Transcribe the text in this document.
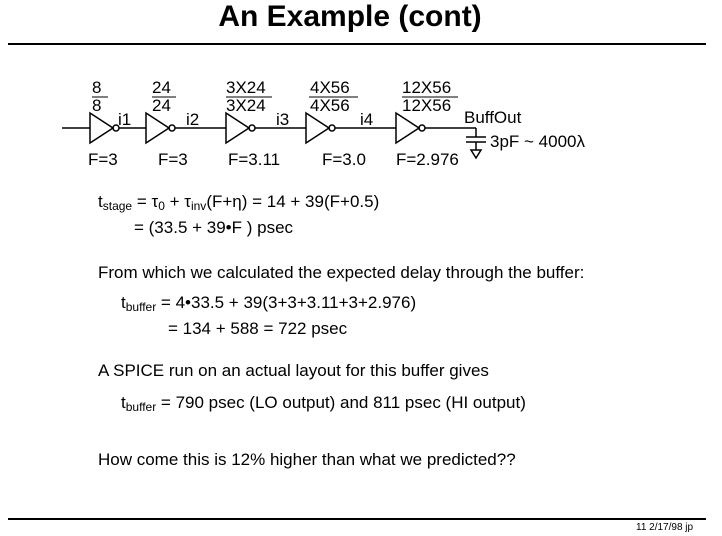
An Example (cont)
8
8
i1
24
24
i2
3X24
3X24
i3
4X56
4X56
i4
12X56
12X56
BuffOut
3pF ~ 4000λ
F=3 F=3 F=3.11 F=3.0 F=2.976
$t_{stage} = \tau_0 + \tau_{inv}(F+\eta) = 14 + 39(F+0.5)$
= (33.5 + 39•F ) psec
From which we calculated the expected delay through the buffer:
$t_{buffer}$ = 4•33.5 + 39(3+3+3.11+3+2.976)
= 134 + 588 = 722 psec
A SPICE run on an actual layout for this buffer gives
$t_{buffer} = 790$ psec (LO output) and 811 psec (HI output)
How come this is 12% higher than what we predicted??
11 2/17/98 jp
